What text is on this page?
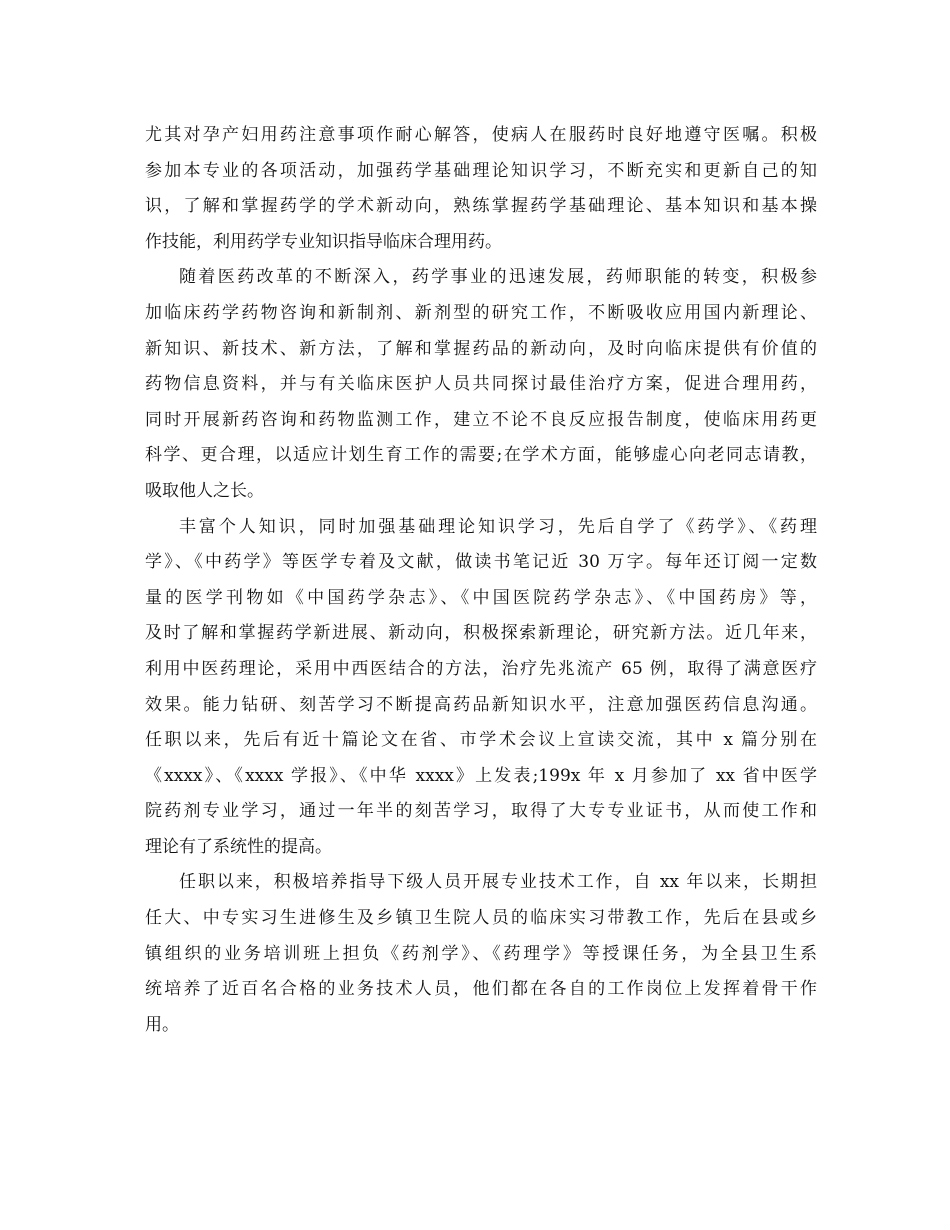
尤其对孕产妇用药注意事项作耐心解答，使病人在服药时良好地遵守医嘱。积极
参加本专业的各项活动，加强药学基础理论知识学习，不断充实和更新自己的知
识，了解和掌握药学的学术新动向，熟练掌握药学基础理论、基本知识和基本操
作技能，利用药学专业知识指导临床合理用药。
随着医药改革的不断深入，药学事业的迅速发展，药师职能的转变，积极参
加临床药学药物咨询和新制剂、新剂型的研究工作，不断吸收应用国内新理论、
新知识、新技术、新方法，了解和掌握药品的新动向，及时向临床提供有价值的
药物信息资料，并与有关临床医护人员共同探讨最佳治疗方案，促进合理用药，
同时开展新药咨询和药物监测工作，建立不论不良反应报告制度，使临床用药更
科学、更合理，以适应计划生育工作的需要;在学术方面，能够虚心向老同志请教，
吸取他人之长。
丰富个人知识，同时加强基础理论知识学习，先后自学了《药学》、《药理
学》、《中药学》等医学专着及文献，做读书笔记近 30 万字。每年还订阅一定数
量的医学刊物如《中国药学杂志》、《中国医院药学杂志》、《中国药房》等，
及时了解和掌握药学新进展、新动向，积极探索新理论，研究新方法。近几年来，
利用中医药理论，采用中西医结合的方法，治疗先兆流产 65 例，取得了满意医疗
效果。能力钻研、刻苦学习不断提高药品新知识水平，注意加强医药信息沟通。
任职以来，先后有近十篇论文在省、市学术会议上宣读交流，其中 x 篇分别在
《xxxx》、《xxxx 学报》、《中华 xxxx》上发表;199x 年 x 月参加了 xx 省中医学
院药剂专业学习，通过一年半的刻苦学习，取得了大专专业证书，从而使工作和
理论有了系统性的提高。
任职以来，积极培养指导下级人员开展专业技术工作，自 xx 年以来，长期担
任大、中专实习生进修生及乡镇卫生院人员的临床实习带教工作，先后在县或乡
镇组织的业务培训班上担负《药剂学》、《药理学》等授课任务，为全县卫生系
统培养了近百名合格的业务技术人员，他们都在各自的工作岗位上发挥着骨干作
用。
